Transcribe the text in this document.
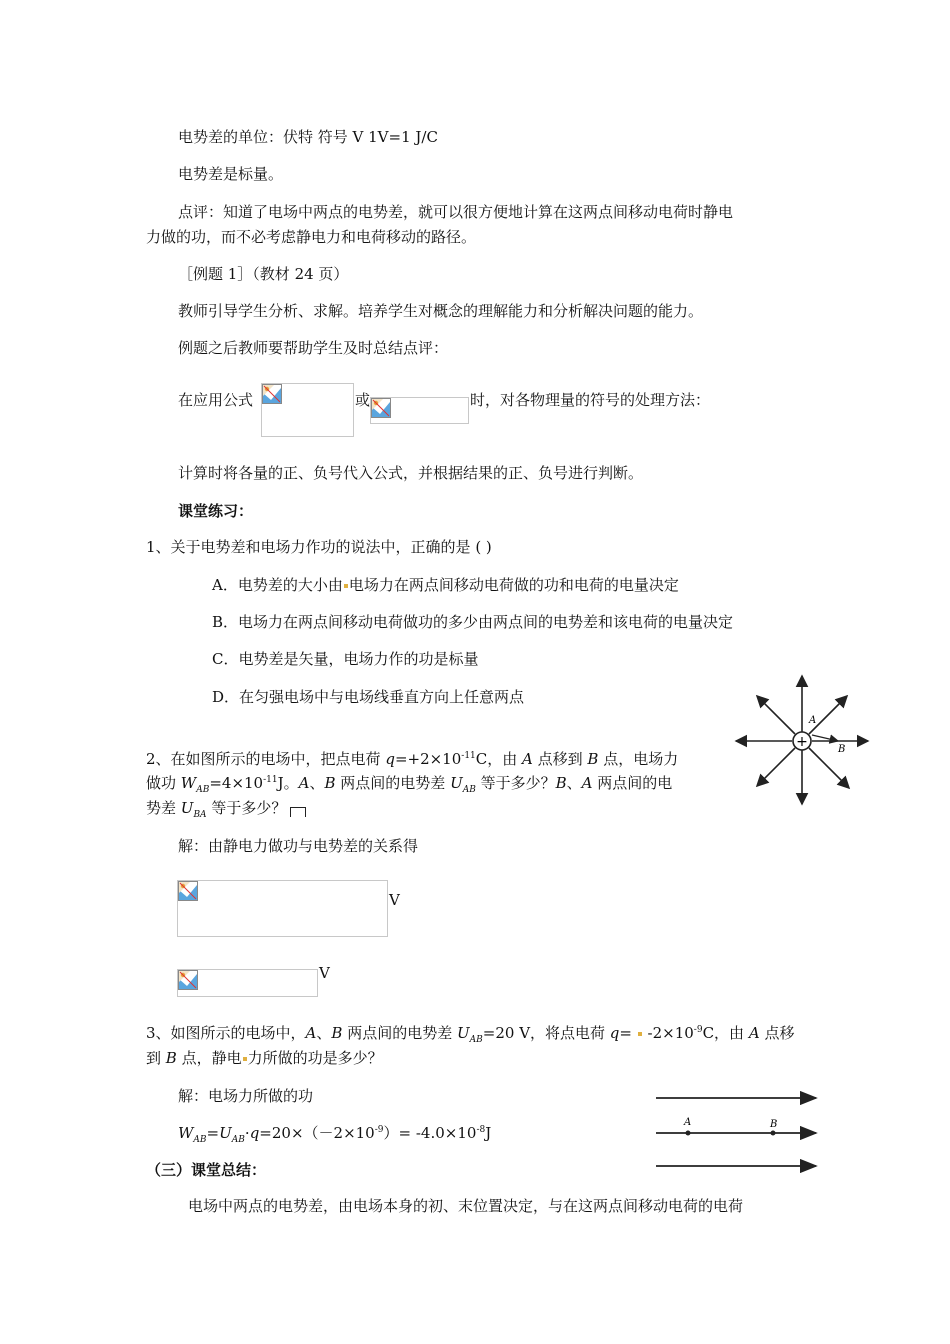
电势差的单位：伏特 符号 V 1V=1 J/C
电势差是标量。
点评：知道了电场中两点的电势差，就可以很方便地计算在这两点间移动电荷时静电
力做的功，而不必考虑静电力和电荷移动的路径。
［例题 1］（教材 24 页）
教师引导学生分析、求解。培养学生对概念的理解能力和分析解决问题的能力。
例题之后教师要帮助学生及时总结点评：
在应用公式	或	时，对各物理量的符号的处理方法：
计算时将各量的正、负号代入公式，并根据结果的正、负号进行判断。
课堂练习：
1、关于电势差和电场力作功的说法中，正确的是 ( )
A．电势差的大小由 电场力在两点间移动电荷做的功和电荷的电量决定
B．电场力在两点间移动电荷做功的多少由两点间的电势差和该电荷的电量决定
C．电势差是矢量，电场力作的功是标量
D．在匀强电场中与电场线垂直方向上任意两点
+
A
B
2、在如图所示的电场中，把点电荷 $q=+2\times 10^{-11}C$，由 A 点移到 B 点，电场力
做功 $W_{AB}=4\times 10^{-11}J$。A、B 两点间的电势差 $U_{AB}$ 等于多少？B、A 两点间的电
势差 $U_{BA}$ 等于多少？
解：由静电力做功与电势差的关系得
V
V
3、如图所示的电场中，A、B 两点间的电势差 $U_{AB}=20$ V，将点电荷 $q= -2\times 10^{-9}C$，由 A 点移
到 B 点，静电 力所做的功是多少？
解：电场力所做的功
$W_{AB}=U_{AB}\cdot q=20\times(-2\times 10^{-9})= -4.0\times 10^{-8}J$
A	B
（三）课堂总结：
电场中两点的电势差，由电场本身的初、末位置决定，与在这两点间移动电荷的电荷
